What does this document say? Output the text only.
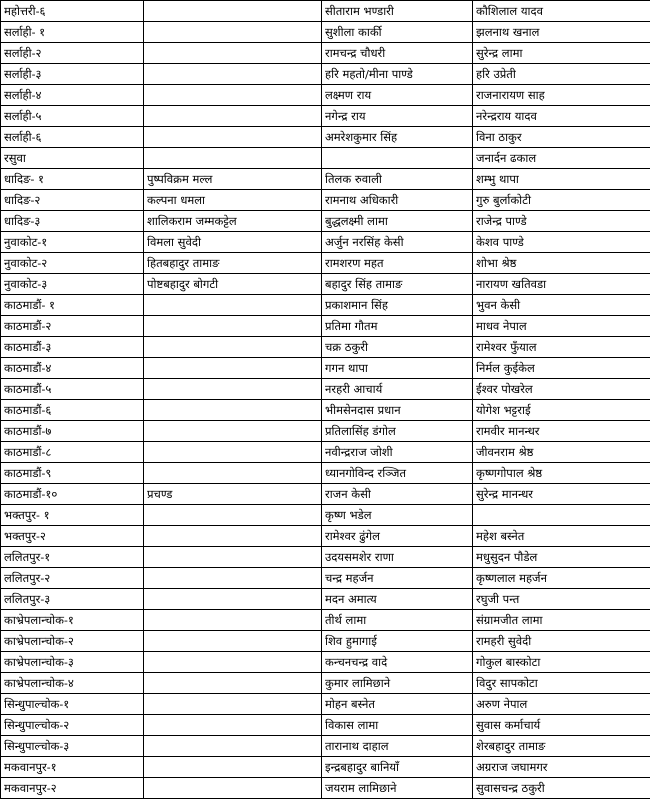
महोत्तरी-६		सीताराम भण्डारी	कौशिलाल यादव
सर्लाही- १		सुशीला कार्की	झलनाथ खनाल
सर्लाही-२		रामचन्द्र चौधरी	सुरेन्द्र लामा
सर्लाही-३		हरि महतो/मीना पाण्डे	हरि उप्रेती
सर्लाही-४		लक्ष्मण राय	राजनारायण साह
सर्लाही-५		नगेन्द्र राय	नरेन्द्रराय यादव
सर्लाही-६		अमरेशकुमार सिंह	विना ठाकुर
रसुवा			जनार्दन ढकाल
धादिङ- १	पुष्पविक्रम मल्ल	तिलक रुवाली	शम्भु थापा
धादिङ-२	कल्पना धमला	रामनाथ अधिकारी	गुरु बुर्लाकोटी
धादिङ-३	शालिकराम जम्मकट्टेल	बुद्धलक्ष्मी लामा	राजेन्द्र पाण्डे
नुवाकोट-१	विमला सुवेदी	अर्जुन नरसिंह केसी	केशव पाण्डे
नुवाकोट-२	हितबहादुर तामाङ	रामशरण महत	शोभा श्रेष्ठ
नुवाकोट-३	पोष्टबहादुर बोगटी	बहादुर सिंह तामाङ	नारायण खतिवडा
काठमाडौं- १		प्रकाशमान सिंह	भुवन केसी
काठमाडौं-२		प्रतिमा गौतम	माधव नेपाल
काठमाडौं-३		चक्र ठकुरी	रामेश्वर फुँयाल
काठमाडौं-४		गगन थापा	निर्मल कुईकेल
काठमाडौं-५		नरहरी आचार्य	ईश्वर पोखरेल
काठमाडौं-६		भीमसेनदास प्रधान	योगेश भट्टराई
काठमाडौं-७		प्रतिलासिंह डंगोल	रामवीर मानन्धर
काठमाडौं-८		नवीन्द्रराज जोशी	जीवनराम श्रेष्ठ
काठमाडौं-९		ध्यानगोविन्द रञ्जित	कृष्णगोपाल श्रेष्ठ
काठमाडौं-१०	प्रचण्ड	राजन केसी	सुरेन्द्र मानन्धर
भक्तपुर- १		कृष्ण भडेल	
भक्तपुर-२		रामेश्वर ढुंगेल	महेश बस्नेत
ललितपुर-१		उदयसमशेर राणा	मधुसुदन पौडेल
ललितपुर-२		चन्द्र महर्जन	कृष्णलाल महर्जन
ललितपुर-३		मदन अमात्य	रघुजी पन्त
काभ्रेपलान्चोक-१		तीर्थ लामा	संग्रामजीत लामा
काभ्रेपलान्चोक-२		शिव हुमागाई	रामहरी सुवेदी
काभ्रेपलान्चोक-३		कन्चनचन्द्र वादे	गोकुल बास्कोटा
काभ्रेपलान्चोक-४		कुमार लामिछाने	विदुर सापकोटा
सिन्धुपाल्चोक-१		मोहन बस्नेत	अरुण नेपाल
सिन्धुपाल्चोक-२		विकास लामा	सुवास कर्माचार्य
सिन्धुपाल्चोक-३		तारानाथ दाहाल	शेरबहादुर तामाङ
मकवानपुर-१		इन्द्रबहादुर बानियाँ	अग्रराज जघामगर
मकवानपुर-२		जयराम लामिछाने	सुवासचन्द्र ठकुरी
